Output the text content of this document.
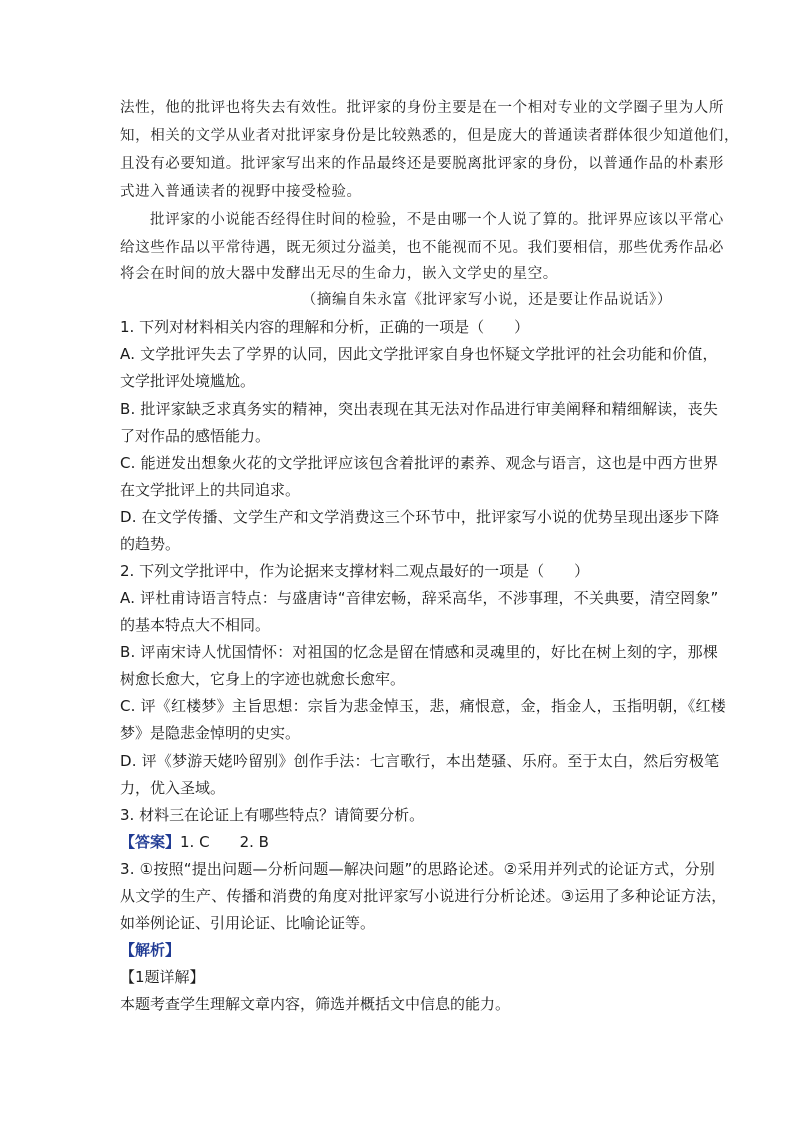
法性，他的批评也将失去有效性。批评家的身份主要是在一个相对专业的文学圈子里为人所
知，相关的文学从业者对批评家身份是比较熟悉的，但是庞大的普通读者群体很少知道他们，
且没有必要知道。批评家写出来的作品最终还是要脱离批评家的身份，以普通作品的朴素形
式进入普通读者的视野中接受检验。
批评家的小说能否经得住时间的检验，不是由哪一个人说了算的。批评界应该以平常心
给这些作品以平常待遇，既无须过分溢美，也不能视而不见。我们要相信，那些优秀作品必
将会在时间的放大器中发酵出无尽的生命力，嵌入文学史的星空。
（摘编自朱永富《批评家写小说，还是要让作品说话》）
1. 下列对材料相关内容的理解和分析，正确的一项是（　　）
A. 文学批评失去了学界的认同，因此文学批评家自身也怀疑文学批评的社会功能和价值，
文学批评处境尴尬。
B. 批评家缺乏求真务实的精神，突出表现在其无法对作品进行审美阐释和精细解读，丧失
了对作品的感悟能力。
C. 能迸发出想象火花的文学批评应该包含着批评的素养、观念与语言，这也是中西方世界
在文学批评上的共同追求。
D. 在文学传播、文学生产和文学消费这三个环节中，批评家写小说的优势呈现出逐步下降
的趋势。
2. 下列文学批评中，作为论据来支撑材料二观点最好的一项是（　　）
A. 评杜甫诗语言特点：与盛唐诗“音律宏畅，辞采高华，不涉事理，不关典要，清空罔象”
的基本特点大不相同。
B. 评南宋诗人忧国情怀：对祖国的忆念是留在情感和灵魂里的，好比在树上刻的字，那棵
树愈长愈大，它身上的字迹也就愈长愈牢。
C. 评《红楼梦》主旨思想：宗旨为悲金悼玉，悲，痛恨意，金，指金人，玉指明朝，《红楼
梦》是隐悲金悼明的史实。
D. 评《梦游天姥吟留别》创作手法：七言歌行，本出楚骚、乐府。至于太白，然后穷极笔
力，优入圣域。
3. 材料三在论证上有哪些特点？请简要分析。
【答案】1. C　　2. B
3. ①按照“提出问题—分析问题—解决问题”的思路论述。②采用并列式的论证方式，分别
从文学的生产、传播和消费的角度对批评家写小说进行分析论述。③运用了多种论证方法，
如举例论证、引用论证、比喻论证等。
【解析】
【1题详解】
本题考查学生理解文章内容，筛选并概括文中信息的能力。
